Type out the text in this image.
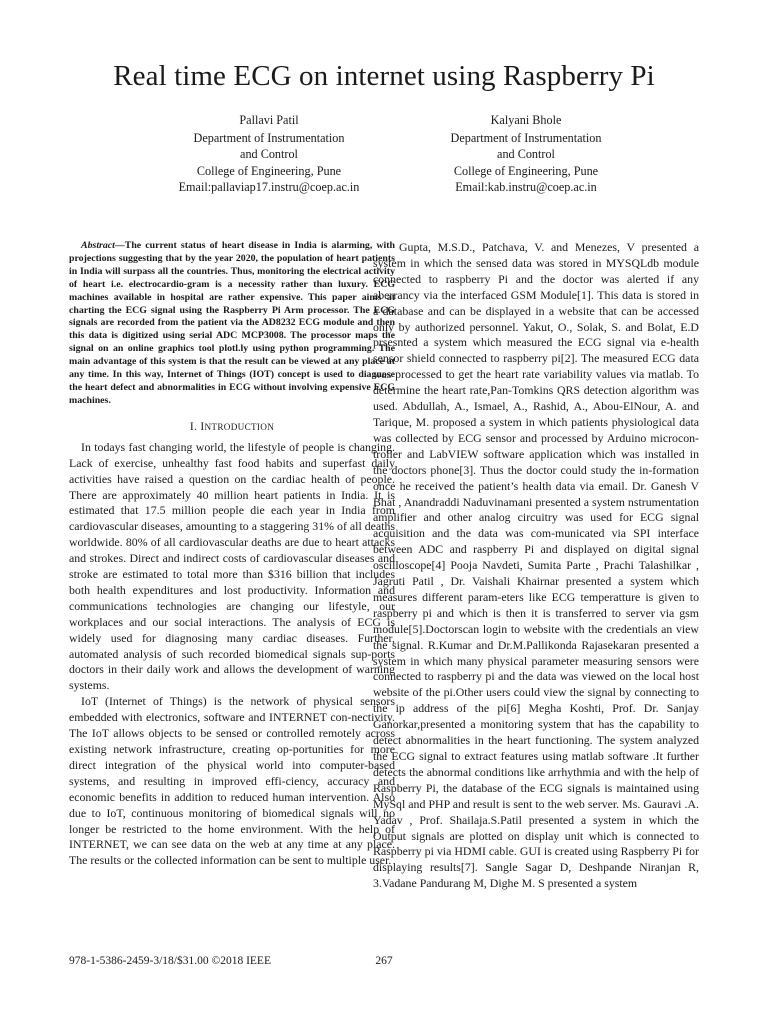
Real time ECG on internet using Raspberry Pi
Pallavi Patil
Department of Instrumentation
and Control
College of Engineering, Pune
Email:pallaviap17.instru@coep.ac.in
Kalyani Bhole
Department of Instrumentation
and Control
College of Engineering, Pune
Email:kab.instru@coep.ac.in

Abstract—The current status of heart disease in India is alarming, with projections suggesting that by the year 2020, the population of heart patients in India will surpass all the countries. Thus, monitoring the electrical activity of heart i.e. electrocardio-gram is a necessity rather than luxury. ECG machines available in hospital are rather expensive. This paper aims at charting the ECG signal using the Raspberry Pi Arm processor. The ECG signals are recorded from the patient via the AD8232 ECG module and then this data is digitized using serial ADC MCP3008. The processor maps the signal on an online graphics tool plotl.ly using python programming. The main advantage of this system is that the result can be viewed at any place at any time. In this way, Internet of Things (IOT) concept is used to diagnose the heart defect and abnormalities in ECG without involving expensive ECG machines.

I. INTRODUCTION

In todays fast changing world, the lifestyle of people is changing. Lack of exercise, unhealthy fast food habits and superfast daily activities have raised a question on the cardiac health of people. There are approximately 40 million heart patients in India. It is estimated that 17.5 million people die each year in India from cardiovascular diseases, amounting to a staggering 31% of all deaths worldwide. 80% of all cardiovascular deaths are due to heart attacks and strokes. Direct and indirect costs of cardiovascular diseases and stroke are estimated to total more than $316 billion that includes both health expenditures and lost productivity. Information and communications technologies are changing our lifestyle, our workplaces and our social interactions. The analysis of ECG is widely used for diagnosing many cardiac diseases. Further, automated analysis of such recorded biomedical signals sup-ports doctors in their daily work and allows the development of warning systems.

IoT (Internet of Things) is the network of physical sensors embedded with electronics, software and INTERNET con-nectivity. The IoT allows objects to be sensed or controlled remotely across existing network infrastructure, creating op-portunities for more direct integration of the physical world into computer-based systems, and resulting in improved effi-ciency, accuracy and economic benefits in addition to reduced human intervention. Also due to IoT, continuous monitoring of biomedical signals will no longer be restricted to the home environment. With the help of INTERNET, we can see data on the web at any time at any place. The results or the collected information can be sent to multiple user.

Gupta, M.S.D., Patchava, V. and Menezes, V presented a system in which the sensed data was stored in MYSQLdb module connected to raspberry Pi and the doctor was alerted if any aberrancy via the interfaced GSM Module[1]. This data is stored in a database and can be displayed in a website that can be accessed only by authorized personnel. Yakut, O., Solak, S. and Bolat, E.D prsesnted a system which measured the ECG signal via e-health sensor shield connected to raspberry pi[2]. The measured ECG data was processed to get the heart rate variability values via matlab. To determine the heart rate,Pan-Tomkins QRS detection algorithm was used. Abdullah, A., Ismael, A., Rashid, A., Abou-ElNour, A. and Tarique, M. proposed a system in which patients physiological data was collected by ECG sensor and processed by Arduino microcon-troller and LabVIEW software application which was installed in the doctors phone[3]. Thus the doctor could study the in-formation once he received the patient’s health data via email. Dr. Ganesh V Bhat , Anandraddi Naduvinamani presented a system nstrumentation amplifier and other analog circuitry was used for ECG signal acquisition and the data was com-municated via SPI interface between ADC and raspberry Pi and displayed on digital signal oscilloscope[4] Pooja Navdeti, Sumita Parte , Prachi Talashilkar , Jagruti Patil , Dr. Vaishali Khairnar presented a system which measures different param-eters like ECG temperatture is given to raspberry pi and which is then it is transferred to server via gsm module[5].Doctorscan login to website with the credentials an view the signal. R.Kumar and Dr.M.Pallikonda Rajasekaran presented a system in which many physical parameter measuring sensors were connected to raspberry pi and the data was viewed on the local host website of the pi.Other users could view the signal by connecting to the ip address of the pi[6] Megha Koshti, Prof. Dr. Sanjay Ganorkar,presented a monitoring system that has the capability to detect abnormalities in the heart functioning. The system analyzed the ECG signal to extract features using matlab software .It further detects the abnormal conditions like arrhythmia and with the help of Raspberry Pi, the database of the ECG signals is maintained using MySql and PHP and result is sent to the web server. Ms. Gauravi .A. Yadav , Prof. Shailaja.S.Patil presented a system in which the Output signals are plotted on display unit which is connected to Raspberry pi via HDMI cable. GUI is created using Raspberry Pi for displaying results[7]. Sangle Sagar D, Deshpande Niranjan R, 3.Vadane Pandurang M, Dighe M. S presented a system

978-1-5386-2459-3/18/$31.00 ©2018 IEEE	267
